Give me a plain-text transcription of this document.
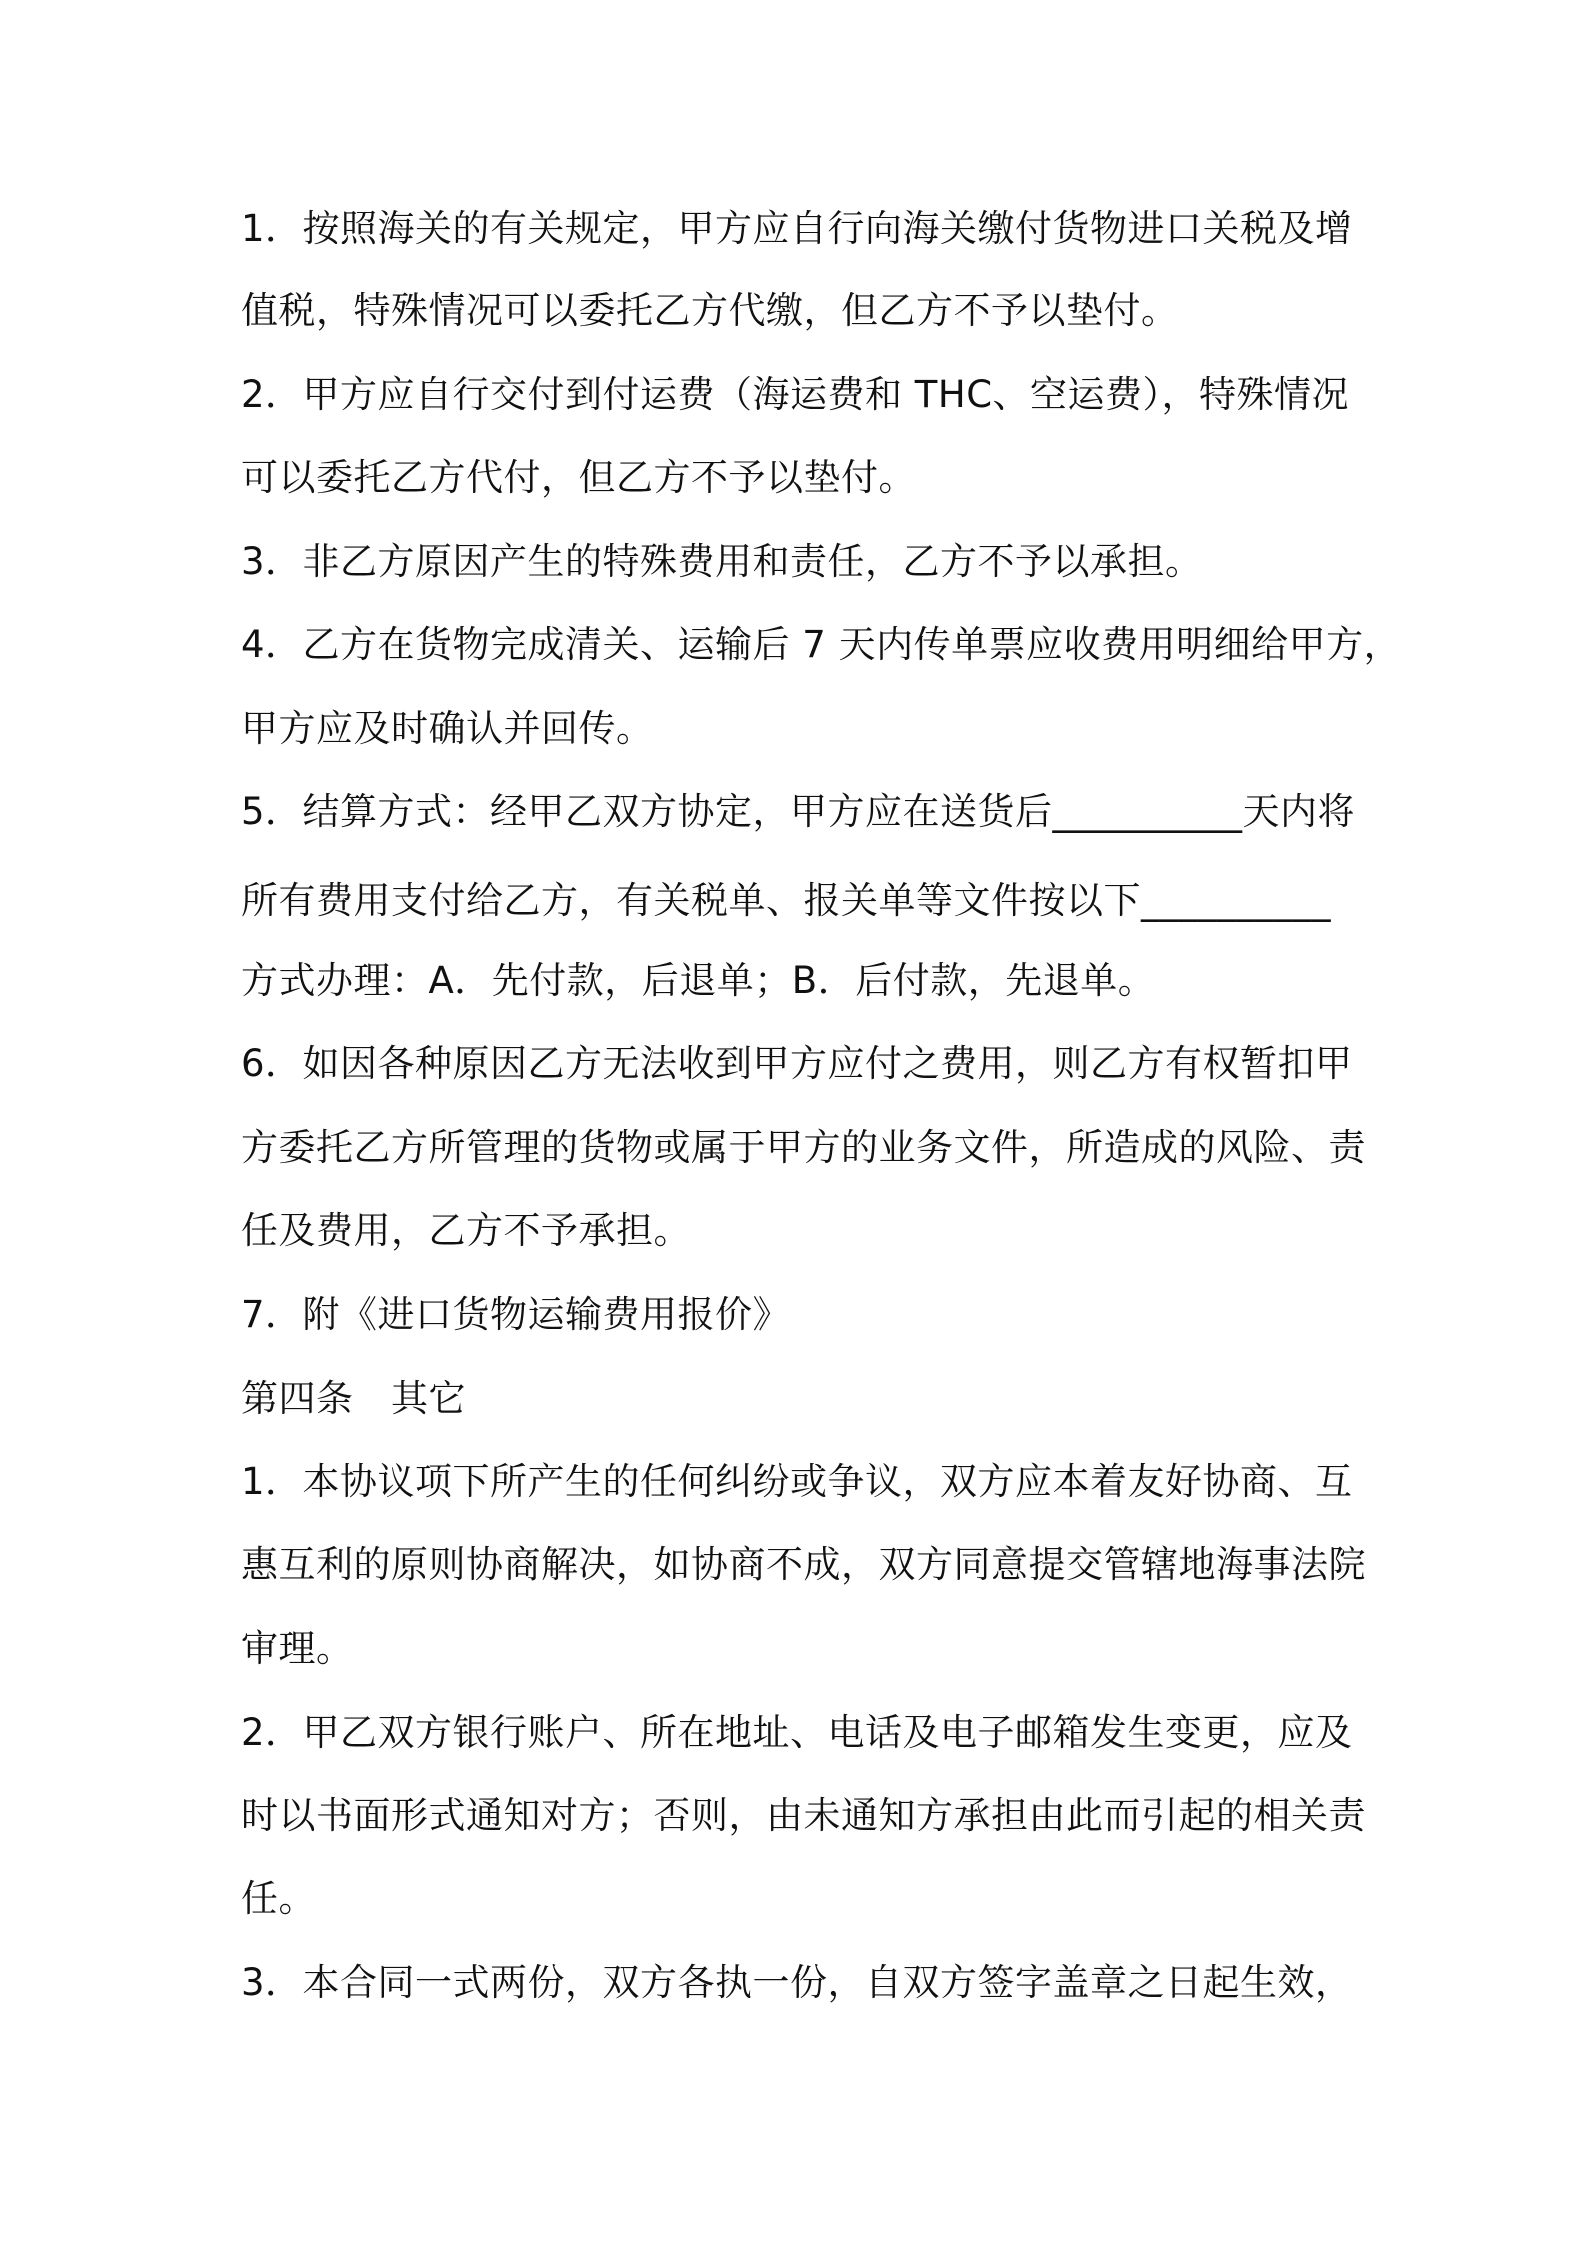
1．按照海关的有关规定，甲方应自行向海关缴付货物进口关税及增
值税，特殊情况可以委托乙方代缴，但乙方不予以垫付。
2．甲方应自行交付到付运费（海运费和 THC、空运费），特殊情况
可以委托乙方代付，但乙方不予以垫付。
3．非乙方原因产生的特殊费用和责任，乙方不予以承担。
4．乙方在货物完成清关、运输后 7 天内传单票应收费用明细给甲方，
甲方应及时确认并回传。
5．结算方式：经甲乙双方协定，甲方应在送货后__________天内将
所有费用支付给乙方，有关税单、报关单等文件按以下__________
方式办理：A．先付款，后退单；B．后付款，先退单。
6．如因各种原因乙方无法收到甲方应付之费用，则乙方有权暂扣甲
方委托乙方所管理的货物或属于甲方的业务文件，所造成的风险、责
任及费用，乙方不予承担。
7．附《进口货物运输费用报价》
第四条　其它
1．本协议项下所产生的任何纠纷或争议，双方应本着友好协商、互
惠互利的原则协商解决，如协商不成，双方同意提交管辖地海事法院
审理。
2．甲乙双方银行账户、所在地址、电话及电子邮箱发生变更，应及
时以书面形式通知对方；否则，由未通知方承担由此而引起的相关责
任。
3．本合同一式两份，双方各执一份，自双方签字盖章之日起生效，
